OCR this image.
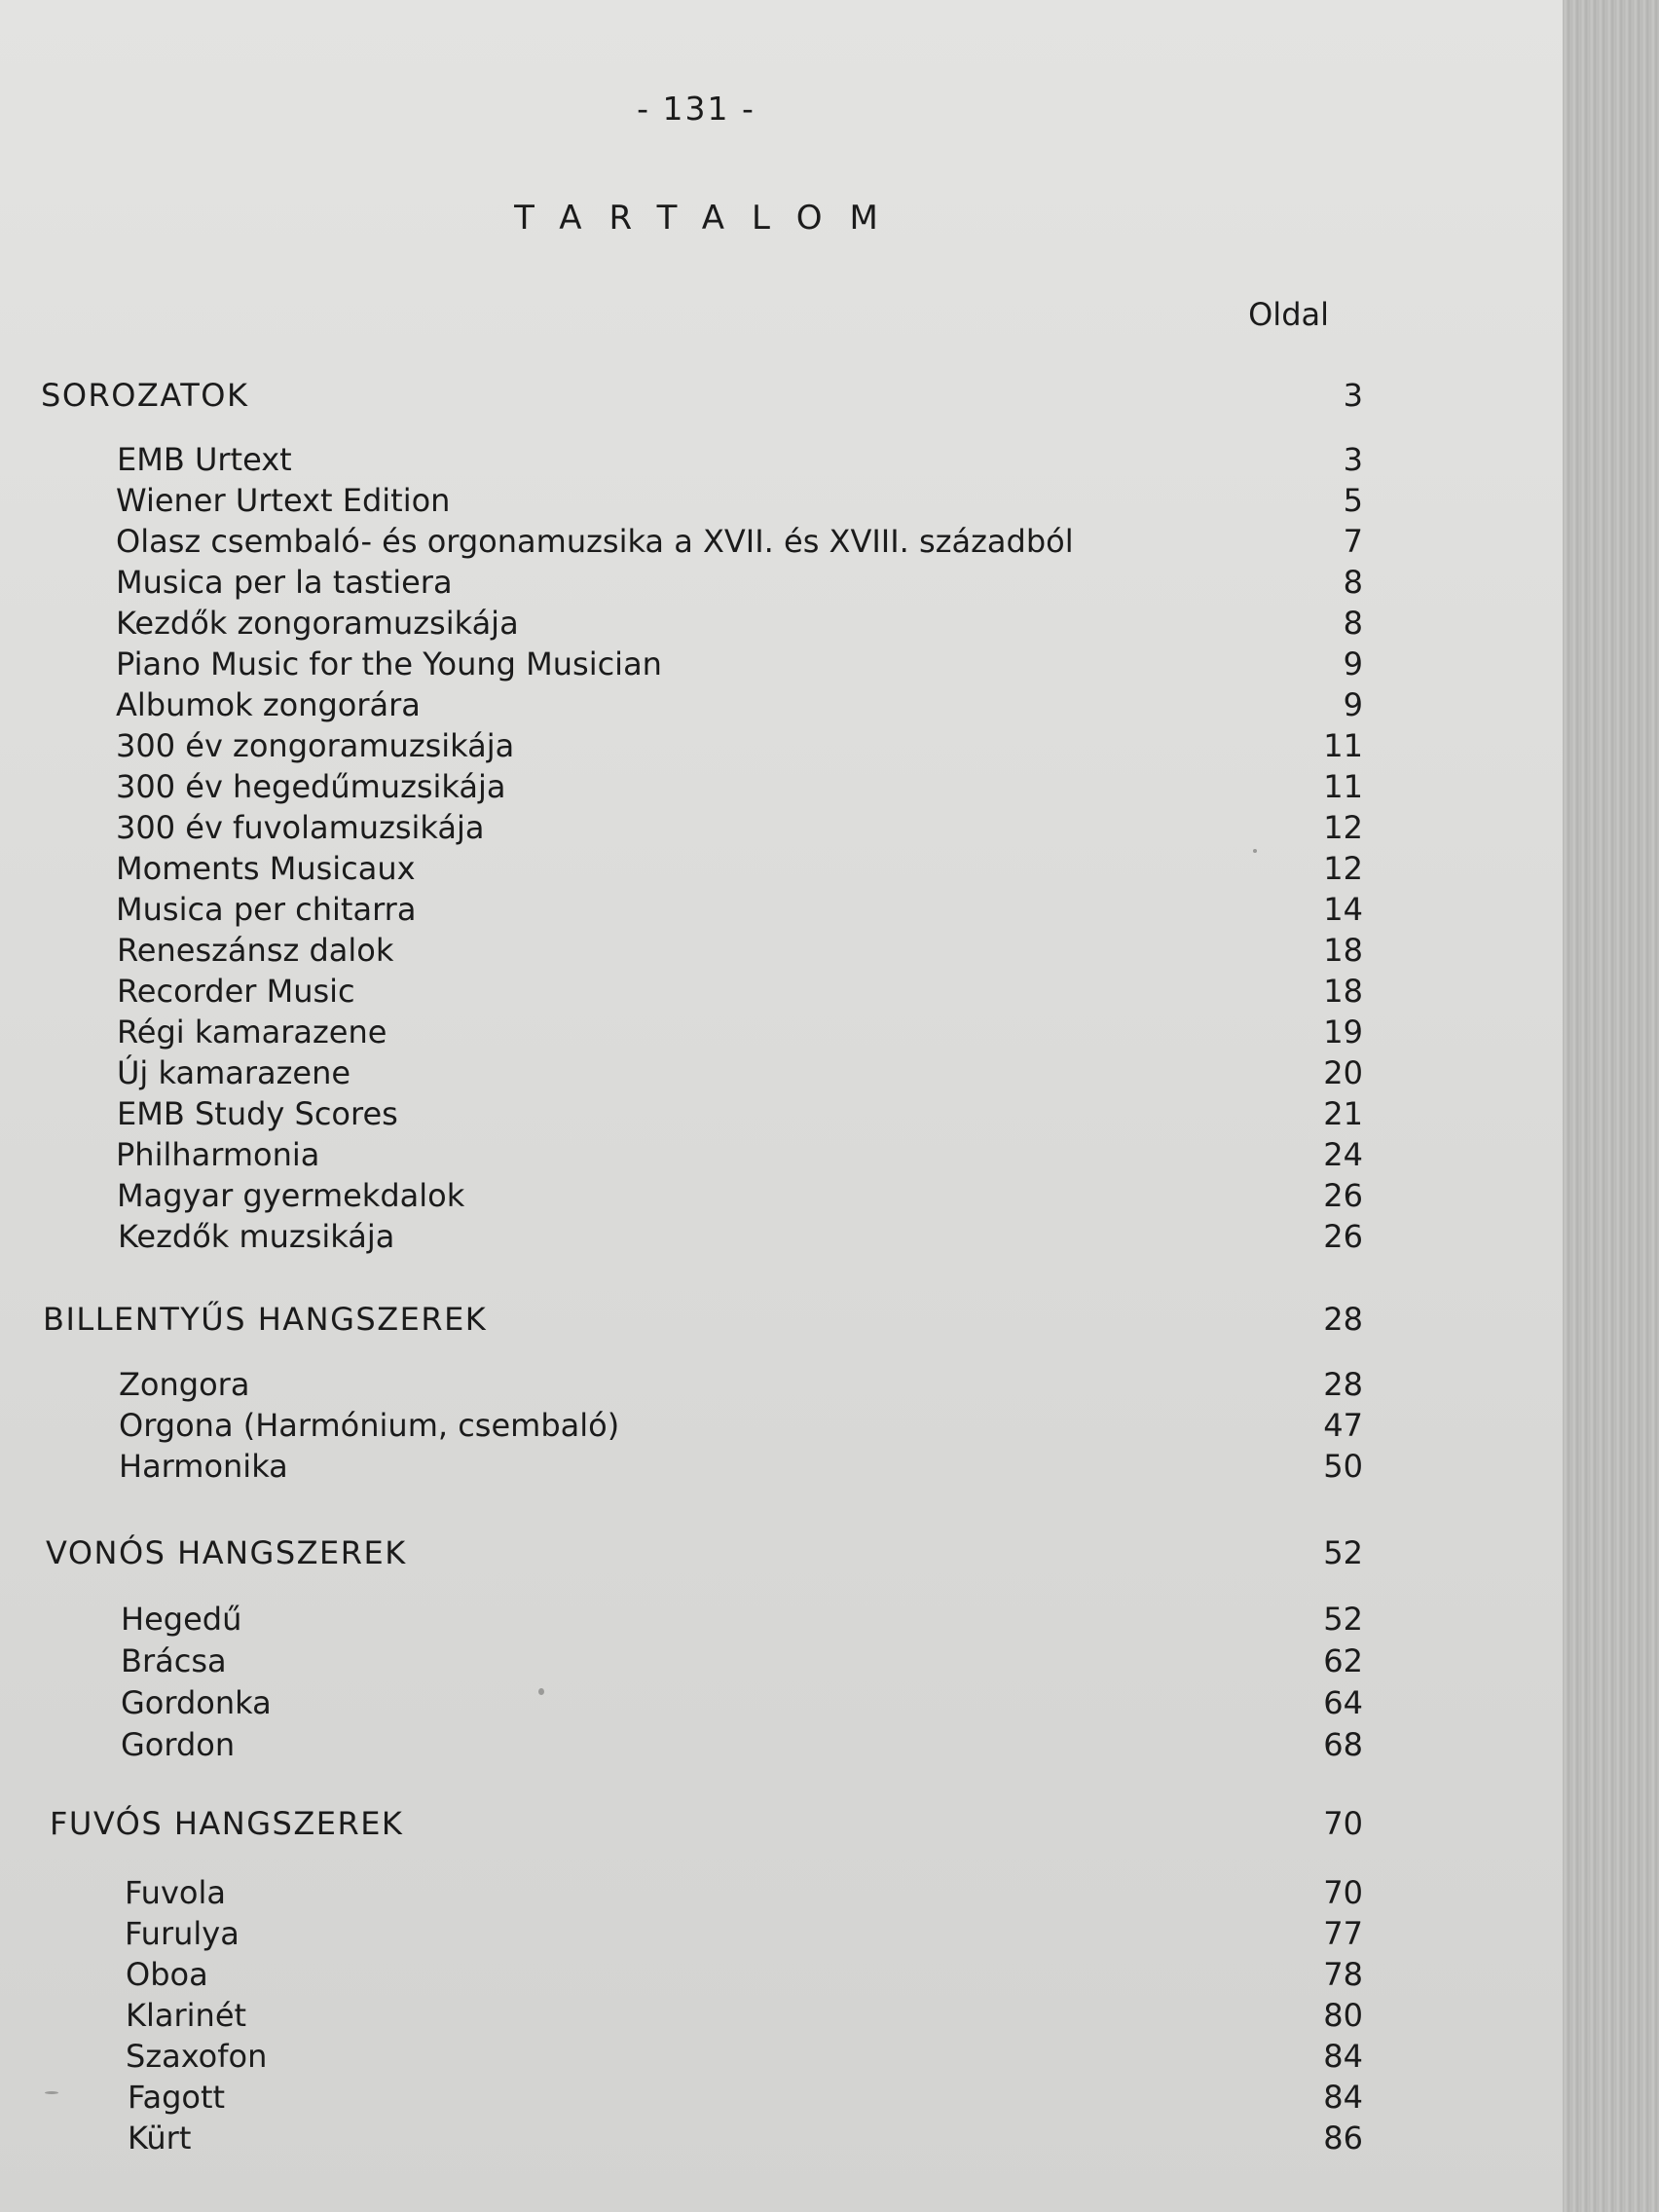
- 131 -
TARTALOM
Oldal
SOROZATOK	3
EMB Urtext	3
Wiener Urtext Edition	5
Olasz csembaló- és orgonamuzsika a XVII. és XVIII. századból	7
Musica per la tastiera	8
Kezdők zongoramuzsikája	8
Piano Music for the Young Musician	9
Albumok zongorára	9
300 év zongoramuzsikája	11
300 év hegedűmuzsikája	11
300 év fuvolamuzsikája	12
Moments Musicaux	12
Musica per chitarra	14
Reneszánsz dalok	18
Recorder Music	18
Régi kamarazene	19
Új kamarazene	20
EMB Study Scores	21
Philharmonia	24
Magyar gyermekdalok	26
Kezdők muzsikája	26
BILLENTYŰS HANGSZEREK	28
Zongora	28
Orgona (Harmónium, csembaló)	47
Harmonika	50
VONÓS HANGSZEREK	52
Hegedű	52
Brácsa	62
Gordonka	64
Gordon	68
FUVÓS HANGSZEREK	70
Fuvola	70
Furulya	77
Oboa	78
Klarinét	80
Szaxofon	84
Fagott	84
Kürt	86
